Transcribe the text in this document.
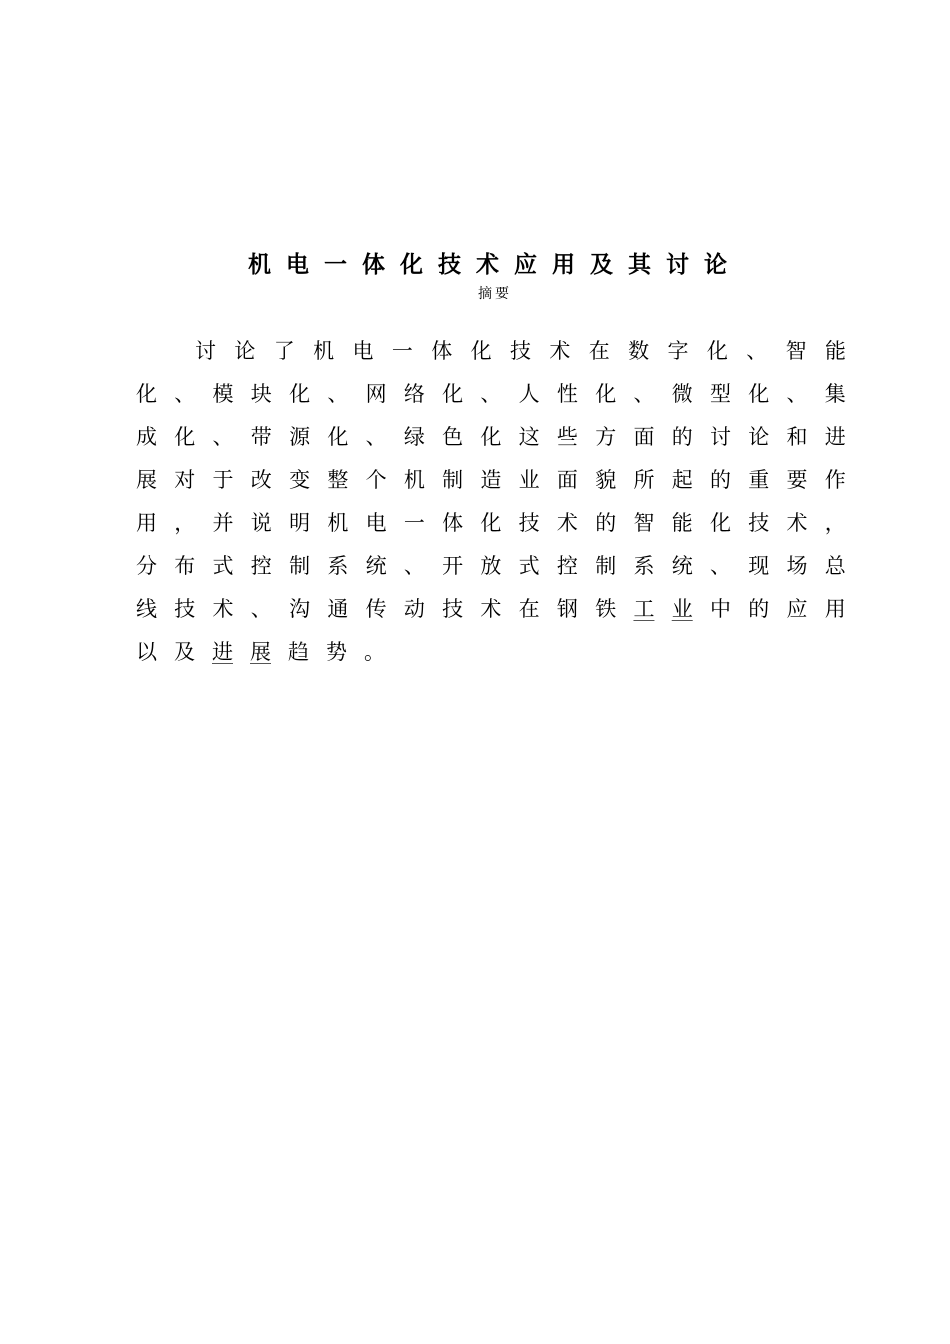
机电一体化技术应用及其讨论
摘要
讨 论 了 机 电 一 体 化 技 术 在 数 字 化 、 智 能
化 、 模 块 化 、 网 络 化 、 人 性 化 、 微 型 化 、 集
成 化 、 带 源 化 、 绿 色 化 这 些 方 面 的 讨 论 和 进
展 对 于 改 变 整 个 机 制 造 业 面 貌 所 起 的 重 要 作
用 ， 并 说 明 机 电 一 体 化 技 术 的 智 能 化 技 术 ，
分 布 式 控 制 系 统 、 开 放 式 控 制 系 统 、 现 场 总
线 技 术 、 沟 通 传 动 技 术 在 钢 铁 工 业 中 的 应 用
以 及 进 展 趋 势 。
